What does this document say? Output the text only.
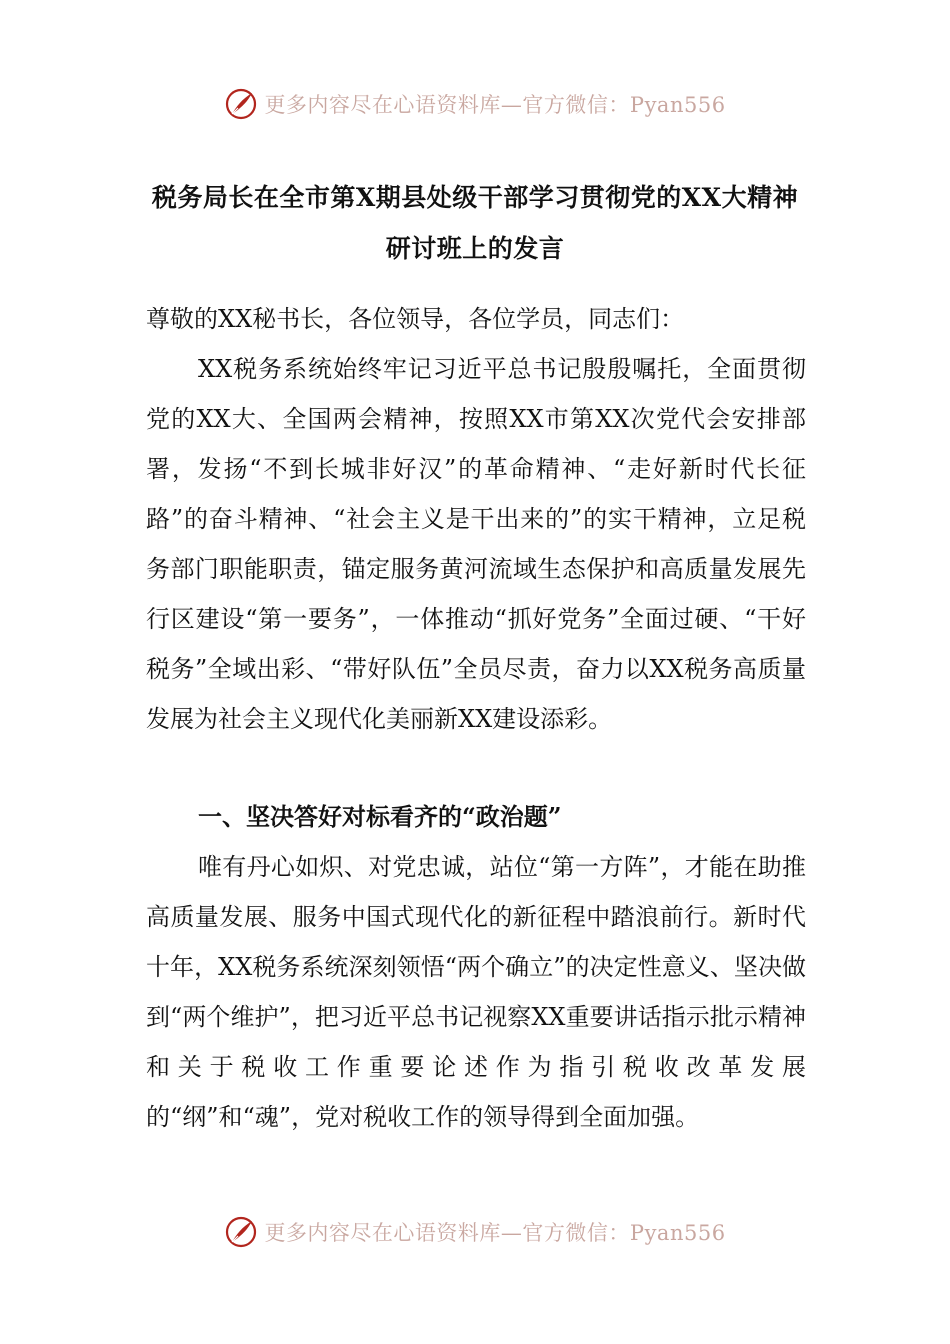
更多内容尽在心语资料库—官方微信：Pyan556
税务局长在全市第X期县处级干部学习贯彻党的XX大精神
研讨班上的发言

尊敬的XX秘书长，各位领导，各位学员，同志们：

XX税务系统始终牢记习近平总书记殷殷嘱托，全面贯彻党的XX大、全国两会精神，按照XX市第XX次党代会安排部署，发扬“不到长城非好汉”的革命精神、“走好新时代长征路”的奋斗精神、“社会主义是干出来的”的实干精神，立足税务部门职能职责，锚定服务黄河流域生态保护和高质量发展先行区建设“第一要务”，一体推动“抓好党务”全面过硬、“干好税务”全域出彩、“带好队伍”全员尽责，奋力以XX税务高质量发展为社会主义现代化美丽新XX建设添彩。

一、坚决答好对标看齐的“政治题”

唯有丹心如炽、对党忠诚，站位“第一方阵”，才能在助推高质量发展、服务中国式现代化的新征程中踏浪前行。新时代十年，XX税务系统深刻领悟“两个确立”的决定性意义、坚决做到“两个维护”，把习近平总书记视察XX重要讲话指示批示精神和关于税收工作重要论述作为指引税收改革发展的“纲”和“魂”，党对税收工作的领导得到全面加强。

更多内容尽在心语资料库—官方微信：Pyan556
